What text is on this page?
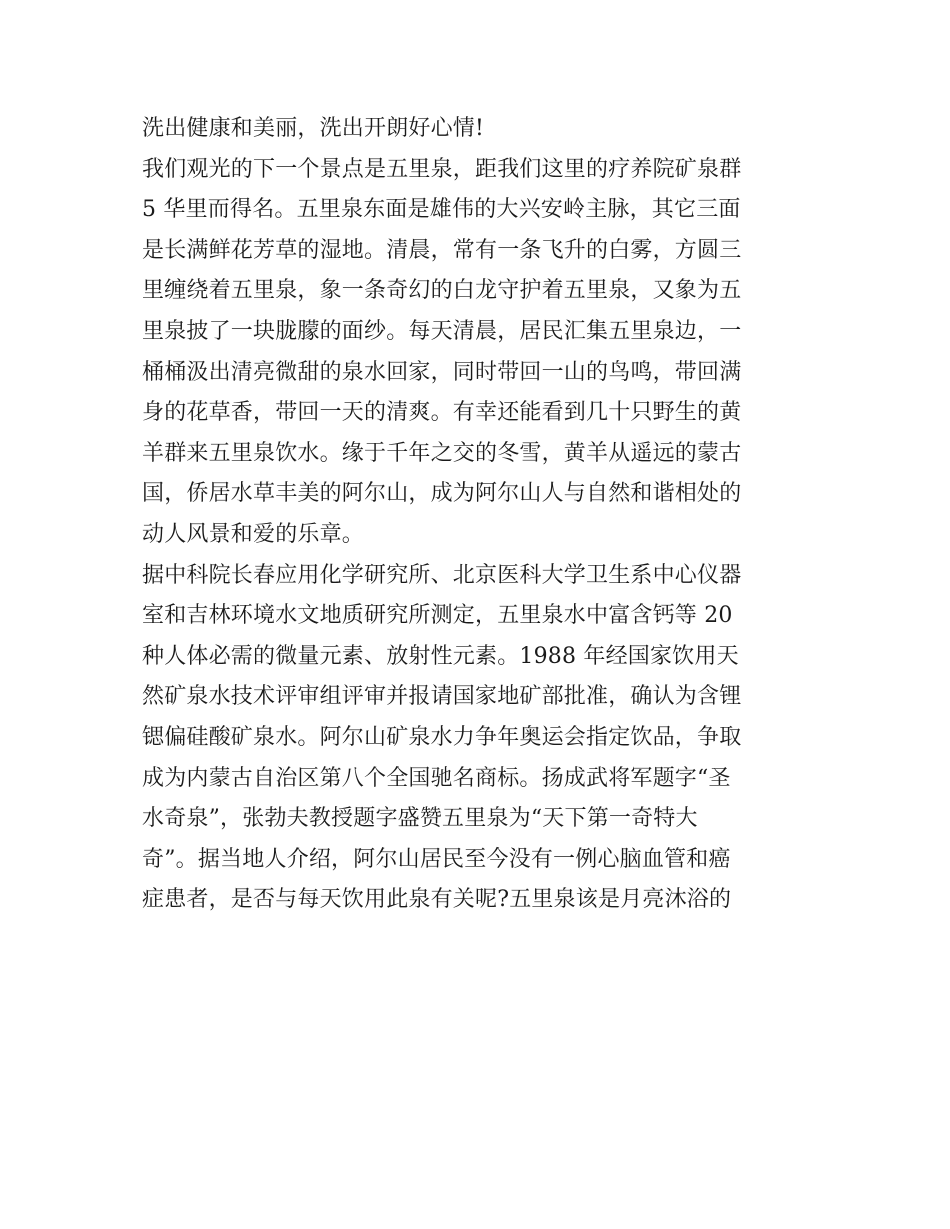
洗出健康和美丽，洗出开朗好心情!
我们观光的下一个景点是五里泉，距我们这里的疗养院矿泉群
5 华里而得名。五里泉东面是雄伟的大兴安岭主脉，其它三面
是长满鲜花芳草的湿地。清晨，常有一条飞升的白雾，方圆三
里缠绕着五里泉，象一条奇幻的白龙守护着五里泉，又象为五
里泉披了一块胧朦的面纱。每天清晨，居民汇集五里泉边，一
桶桶汲出清亮微甜的泉水回家，同时带回一山的鸟鸣，带回满
身的花草香，带回一天的清爽。有幸还能看到几十只野生的黄
羊群来五里泉饮水。缘于千年之交的冬雪，黄羊从遥远的蒙古
国，侨居水草丰美的阿尔山，成为阿尔山人与自然和谐相处的
动人风景和爱的乐章。
据中科院长春应用化学研究所、北京医科大学卫生系中心仪器
室和吉林环境水文地质研究所测定，五里泉水中富含钙等 20
种人体必需的微量元素、放射性元素。1988 年经国家饮用天
然矿泉水技术评审组评审并报请国家地矿部批准，确认为含锂
锶偏硅酸矿泉水。阿尔山矿泉水力争年奥运会指定饮品，争取
成为内蒙古自治区第八个全国驰名商标。扬成武将军题字“圣
水奇泉”，张勃夫教授题字盛赞五里泉为“天下第一奇特大
奇”。据当地人介绍，阿尔山居民至今没有一例心脑血管和癌
症患者，是否与每天饮用此泉有关呢?五里泉该是月亮沐浴的
